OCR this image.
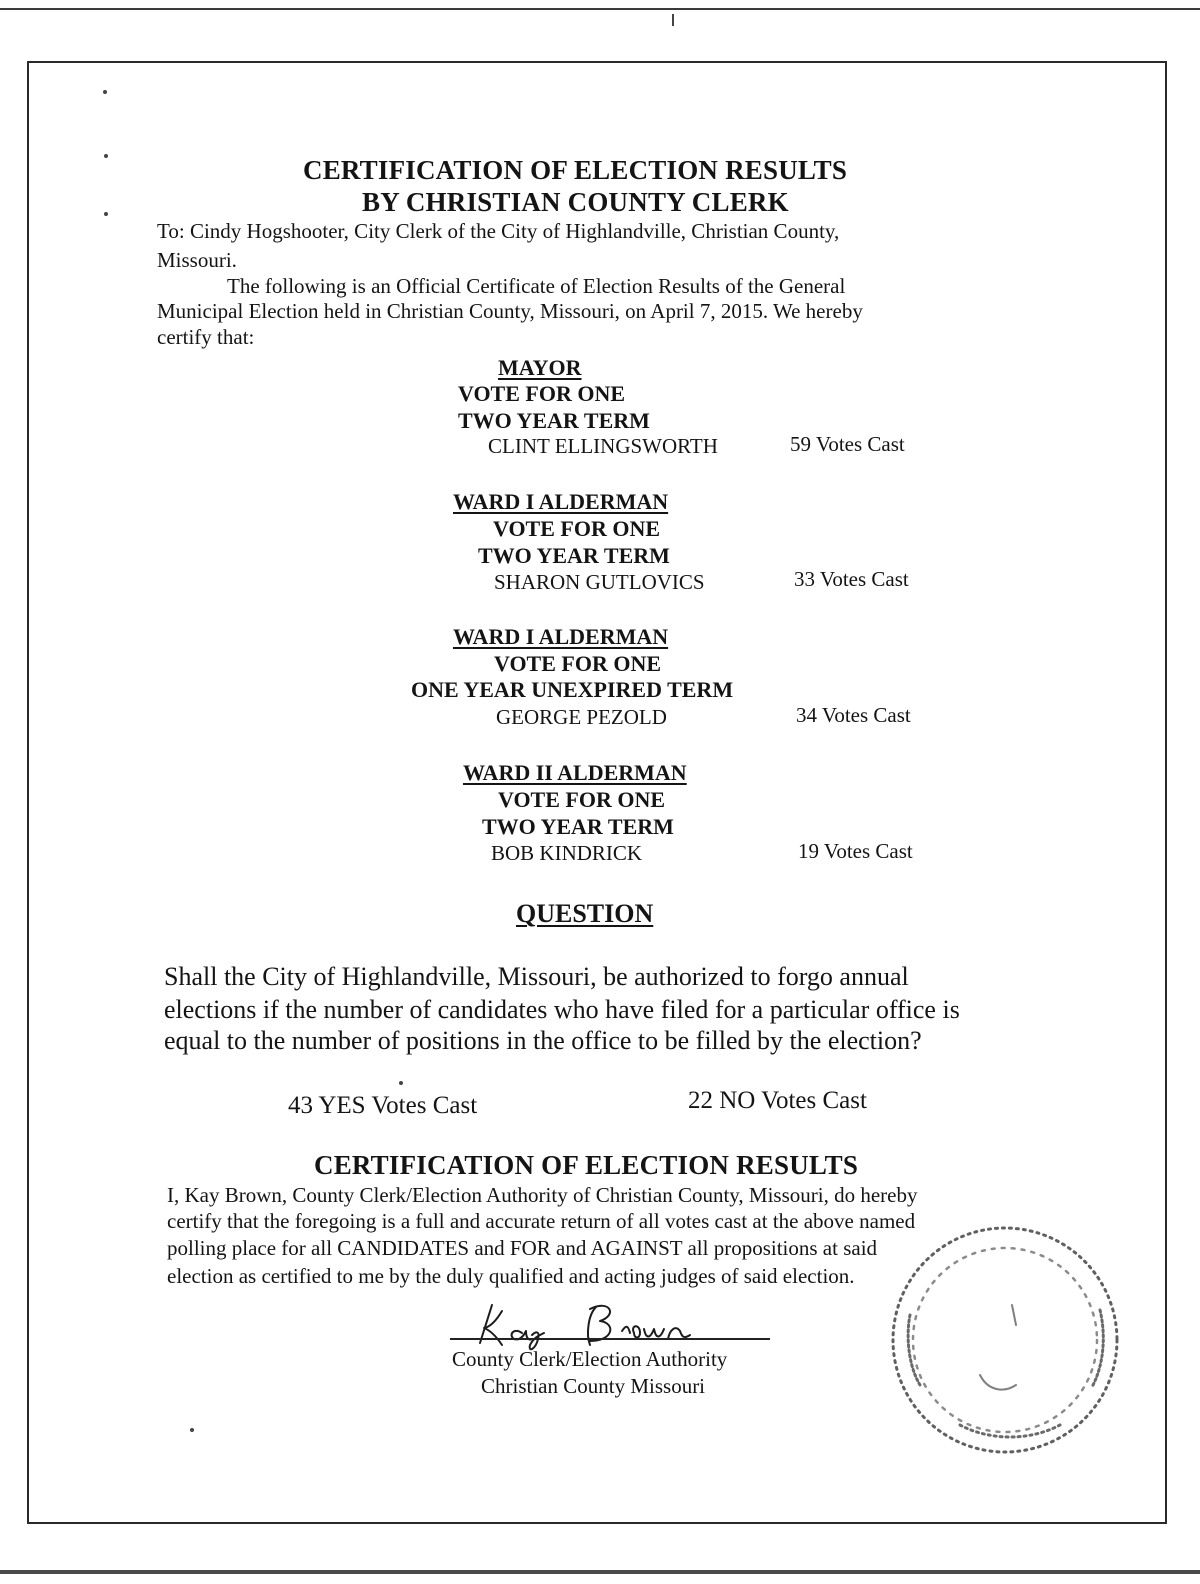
CERTIFICATION OF ELECTION RESULTS
BY CHRISTIAN COUNTY CLERK
To: Cindy Hogshooter, City Clerk of the City of Highlandville, Christian County,
Missouri.
The following is an Official Certificate of Election Results of the General
Municipal Election held in Christian County, Missouri, on April 7, 2015. We hereby
certify that:
MAYOR
VOTE FOR ONE
TWO YEAR TERM
CLINT ELLINGSWORTH	59 Votes Cast
WARD I ALDERMAN
VOTE FOR ONE
TWO YEAR TERM
SHARON GUTLOVICS	33 Votes Cast
WARD I ALDERMAN
VOTE FOR ONE
ONE YEAR UNEXPIRED TERM
GEORGE PEZOLD	34 Votes Cast
WARD II ALDERMAN
VOTE FOR ONE
TWO YEAR TERM
BOB KINDRICK	19 Votes Cast
QUESTION
Shall the City of Highlandville, Missouri, be authorized to forgo annual
elections if the number of candidates who have filed for a particular office is
equal to the number of positions in the office to be filled by the election?
43 YES Votes Cast	22 NO Votes Cast
CERTIFICATION OF ELECTION RESULTS
I, Kay Brown, County Clerk/Election Authority of Christian County, Missouri, do hereby
certify that the foregoing is a full and accurate return of all votes cast at the above named
polling place for all CANDIDATES and FOR and AGAINST all propositions at said
election as certified to me by the duly qualified and acting judges of said election.
County Clerk/Election Authority
Christian County Missouri
